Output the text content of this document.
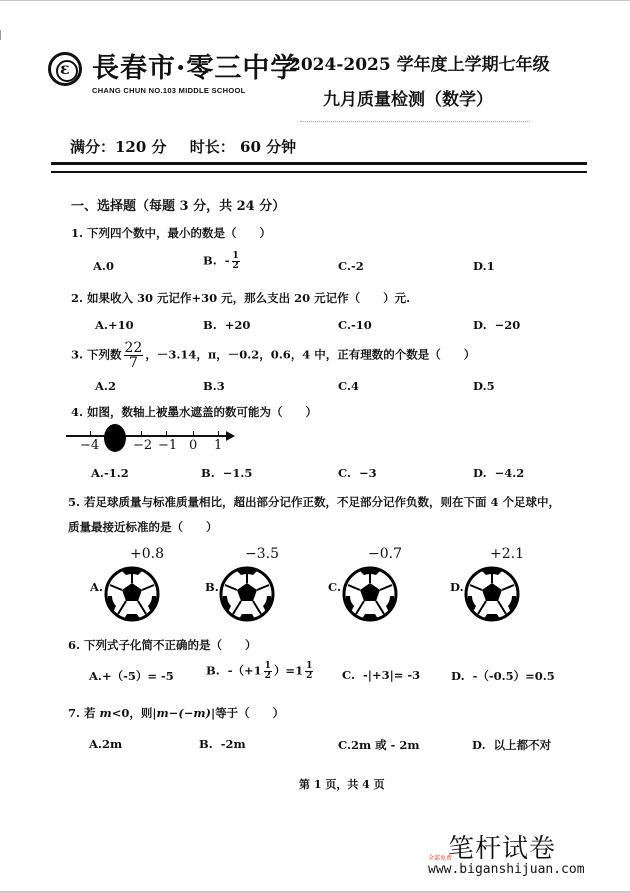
ε 長春市·零三中学
CHANG CHUN NO.103 MIDDLE SCHOOL
2024-2025 学年度上学期七年级
九月质量检测（数学）
满分：120 分 时长： 60 分钟
一、选择题（每题 3 分，共 24 分）
1. 下列四个数中，最小的数是（　　）
A.0	B. - $\frac{1}{2}$	C.-2	D.1
2. 如果收入 30 元记作+30 元，那么支出 20 元记作（　　）元.
A.+10	B. +20	C.-10	D. −20
3. 下列数 $\frac{22}{7}$ ，－3.14，π，－0.2，0.6，4 中，正有理数的个数是（　　）
A.2	B.3	C.4	D.5
4. 如图，数轴上被墨水遮盖的数可能为（　　）
−4	−2 −1 0 1
A.-1.2	B. −1.5	C. −3	D. −4.2
5. 若足球质量与标准质量相比，超出部分记作正数，不足部分记作负数，则在下面 4 个足球中，
质量最接近标准的是（　　）
+0.8
A.
−3.5
B.
−0.7
C.
+2.1
D.
6. 下列式子化简不正确的是（　　）
A.+（-5）= -5	B. $-(+1 \frac{1}{2} )=1 \frac{1}{2} C$. -|+3|= -3	D. -（-0.5）=0.5
7. 若 m<0，则|m−(−m)|等于（　　）
A.2m	B. -2m	C.2m 或 - 2m	D. 以上都不对
第 1 页，共 4 页
笔杆试卷
全部免费
www.biganshijuan.com
